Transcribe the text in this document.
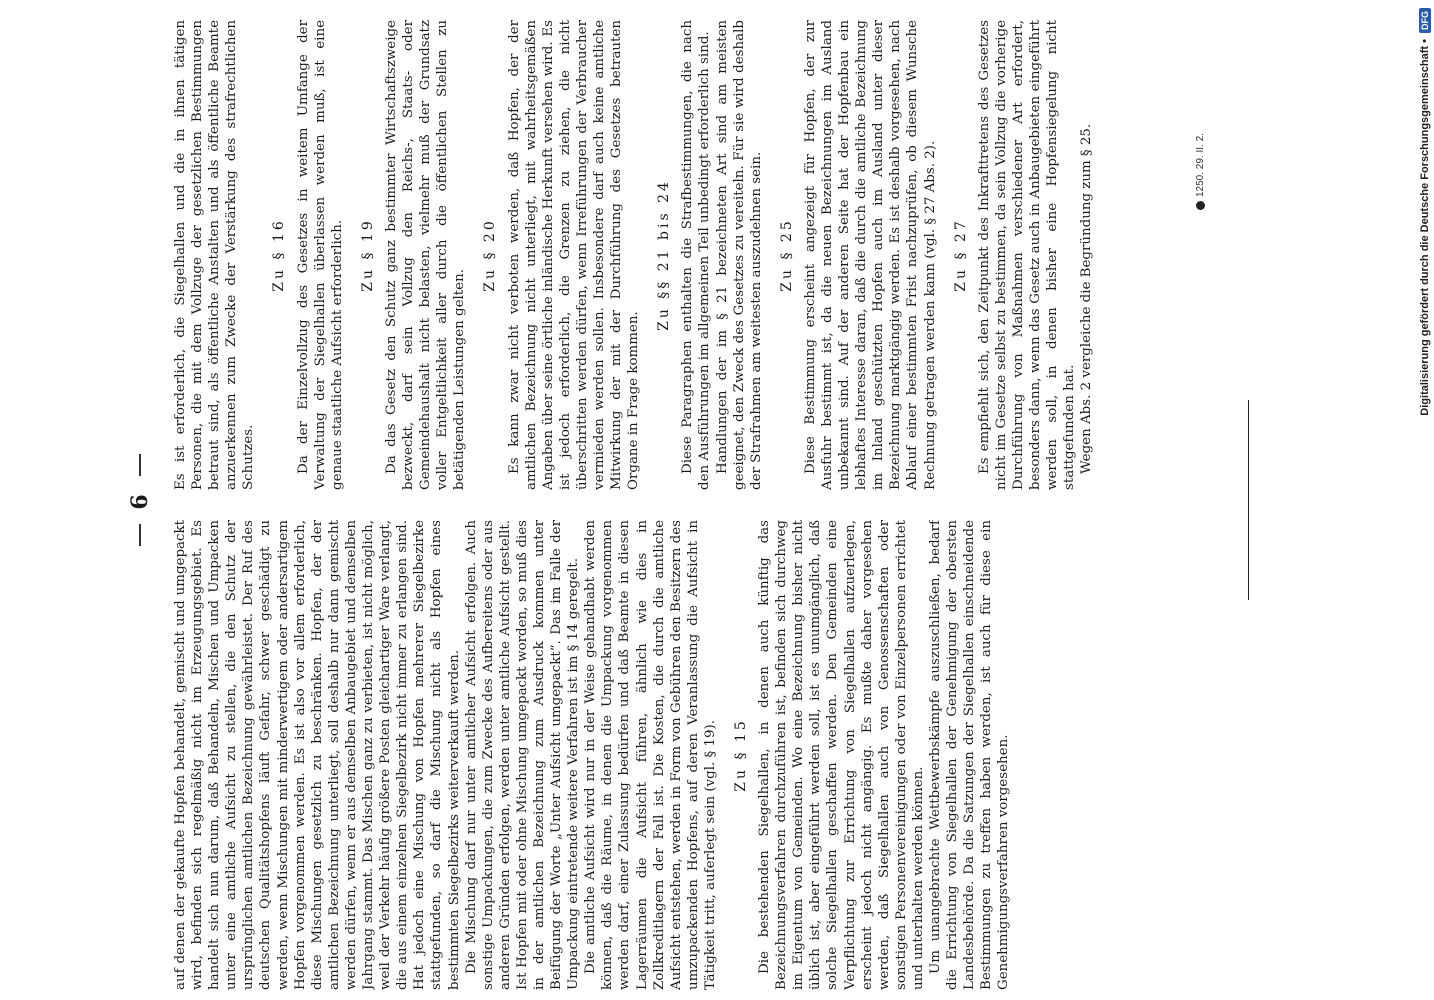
6

auf denen der gekaufte Hopfen behandelt, gemischt und umgepackt wird, befinden sich regelmäßig nicht im Erzeugungsgebiet. Es handelt sich nun darum, daß Behandeln, Mischen und Umpacken unter eine amtliche Aufsicht zu stellen, die den Schutz der ursprünglichen amtlichen Bezeichnung gewährleistet. Der Ruf des deutschen Qualitätshopfens läuft Gefahr, schwer geschädigt zu werden, wenn Mischungen mit minderwertigem oder andersartigem Hopfen vorgenommen werden. Es ist also vor allem erforderlich, diese Mischungen gesetzlich zu beschränken. Hopfen, der der amtlichen Bezeichnung unterliegt, soll deshalb nur dann gemischt werden dürfen, wenn er aus demselben Anbaugebiet und demselben Jahrgang stammt. Das Mischen ganz zu verbieten, ist nicht möglich, weil der Verkehr häufig größere Posten gleichartiger Ware verlangt, die aus einem einzelnen Siegelbezirk nicht immer zu erlangen sind. Hat jedoch eine Mischung von Hopfen mehrerer Siegelbezirke stattgefunden, so darf die Mischung nicht als Hopfen eines bestimmten Siegelbezirks weiterverkauft werden. Die Mischung darf nur unter amtlicher Aufsicht erfolgen. Auch sonstige Umpackungen, die zum Zwecke des Aufbereitens oder aus anderen Gründen erfolgen, werden unter amtliche Aufsicht gestellt. Ist Hopfen mit oder ohne Mischung umgepackt worden, so muß dies in der amtlichen Bezeichnung zum Ausdruck kommen unter Beifügung der Worte „Unter Aufsicht umgepackt“. Das im Falle der Umpackung eintretende weitere Verfahren ist im § 14 geregelt. Die amtliche Aufsicht wird nur in der Weise gehandhabt werden können, daß die Räume, in denen die Umpackung vorgenommen werden darf, einer Zulassung bedürfen und daß Beamte in diesen Lagerräumen die Aufsicht führen, ähnlich wie dies in Zollkreditlagern der Fall ist. Die Kosten, die durch die amtliche Aufsicht entstehen, werden in Form von Gebühren den Besitzern des umzupackenden Hopfens, auf deren Veranlassung die Aufsicht in Tätigkeit tritt, auferlegt sein (vgl. § 19). Zu § 15 Die bestehenden Siegelhallen, in denen auch künftig das Bezeichnungsverfahren durchzuführen ist, befinden sich durchweg im Eigentum von Gemeinden. Wo eine Bezeichnung bisher nicht üblich ist, aber eingeführt werden soll, ist es unumgänglich, daß solche Siegelhallen geschaffen werden. Den Gemeinden eine Verpflichtung zur Errichtung von Siegelhallen aufzuerlegen, erscheint jedoch nicht angängig. Es mußte daher vorgesehen werden, daß Siegelhallen auch von Genossenschaften oder sonstigen Personenvereinigungen oder von Einzelpersonen errichtet und unterhalten werden können. Um unangebrachte Wettbewerbskämpfe auszuschließen, bedarf die Errichtung von Siegelhallen der Genehmigung der obersten Landesbehörde. Da die Satzungen der Siegelhallen einschneidende Bestimmungen zu treffen haben werden, ist auch für diese ein Genehmigungsverfahren vorgesehen.

Es ist erforderlich, die Siegelhallen und die in ihnen tätigen Personen, die mit dem Vollzuge der gesetzlichen Bestimmungen betraut sind, als öffentliche Anstalten und als öffentliche Beamte anzuerkennen zum Zwecke der Verstärkung des strafrechtlichen Schutzes.

Zu § 16 Da der Einzelvollzug des Gesetzes in weitem Umfange der Verwaltung der Siegelhallen überlassen werden muß, ist eine genaue staatliche Aufsicht erforderlich. Zu § 19 Da das Gesetz den Schutz ganz bestimmter Wirtschaftszweige bezweckt, darf sein Vollzug den Reichs-, Staats- oder Gemeindehaushalt nicht belasten, vielmehr muß der Grundsatz voller Entgeltlichkeit aller durch die öffentlichen Stellen zu betätigenden Leistungen gelten.

Zu § 20 Es kann zwar nicht verboten werden, daß Hopfen, der der amtlichen Bezeichnung nicht unterliegt, mit wahrheitsgemäßen Angaben über seine örtliche inländische Herkunft versehen wird. Es ist jedoch erforderlich, die Grenzen zu ziehen, die nicht überschritten werden dürfen, wenn Irreführungen der Verbraucher vermieden werden sollen. Insbesondere darf auch keine amtliche Mitwirkung der mit der Durchführung des Gesetzes betrauten Organe in Frage kommen.

Zu §§ 21 bis 24 Diese Paragraphen enthalten die Strafbestimmungen, die nach den Ausführungen im allgemeinen Teil unbedingt erforderlich sind. Handlungen der im § 21 bezeichneten Art sind am meisten geeignet, den Zweck des Gesetzes zu vereiteln. Für sie wird deshalb der Strafrahmen am weitesten auszudehnen sein. Zu § 25 Diese Bestimmung erscheint angezeigt für Hopfen, der zur Ausfuhr bestimmt ist, da die neuen Bezeichnungen im Ausland unbekannt sind. Auf der anderen Seite hat der Hopfenbau ein lebhaftes Interesse daran, daß die durch die amtliche Bezeichnung im Inland geschützten Hopfen auch im Ausland unter dieser Bezeichnung marktgängig werden. Es ist deshalb vorgesehen, nach Ablauf einer bestimmten Frist nachzuprüfen, ob diesem Wunsche Rechnung getragen werden kann (vgl. § 27 Abs. 2). Zu § 27 Es empfiehlt sich, den Zeitpunkt des Inkrafttretens des Gesetzes nicht im Gesetze selbst zu bestimmen, da sein Vollzug die vorherige Durchführung von Maßnahmen verschiedener Art erfordert, besonders dann, wenn das Gesetz auch in Anbaugebieten eingeführt werden soll, in denen bisher eine Hopfensiegelung nicht stattgefunden hat. Wegen Abs. 2 vergleiche die Begründung zum § 25.	1250. 29. II. 2.	Digitalisierung gefördert durch die Deutsche Forschungsgemeinschaft •
DFG
